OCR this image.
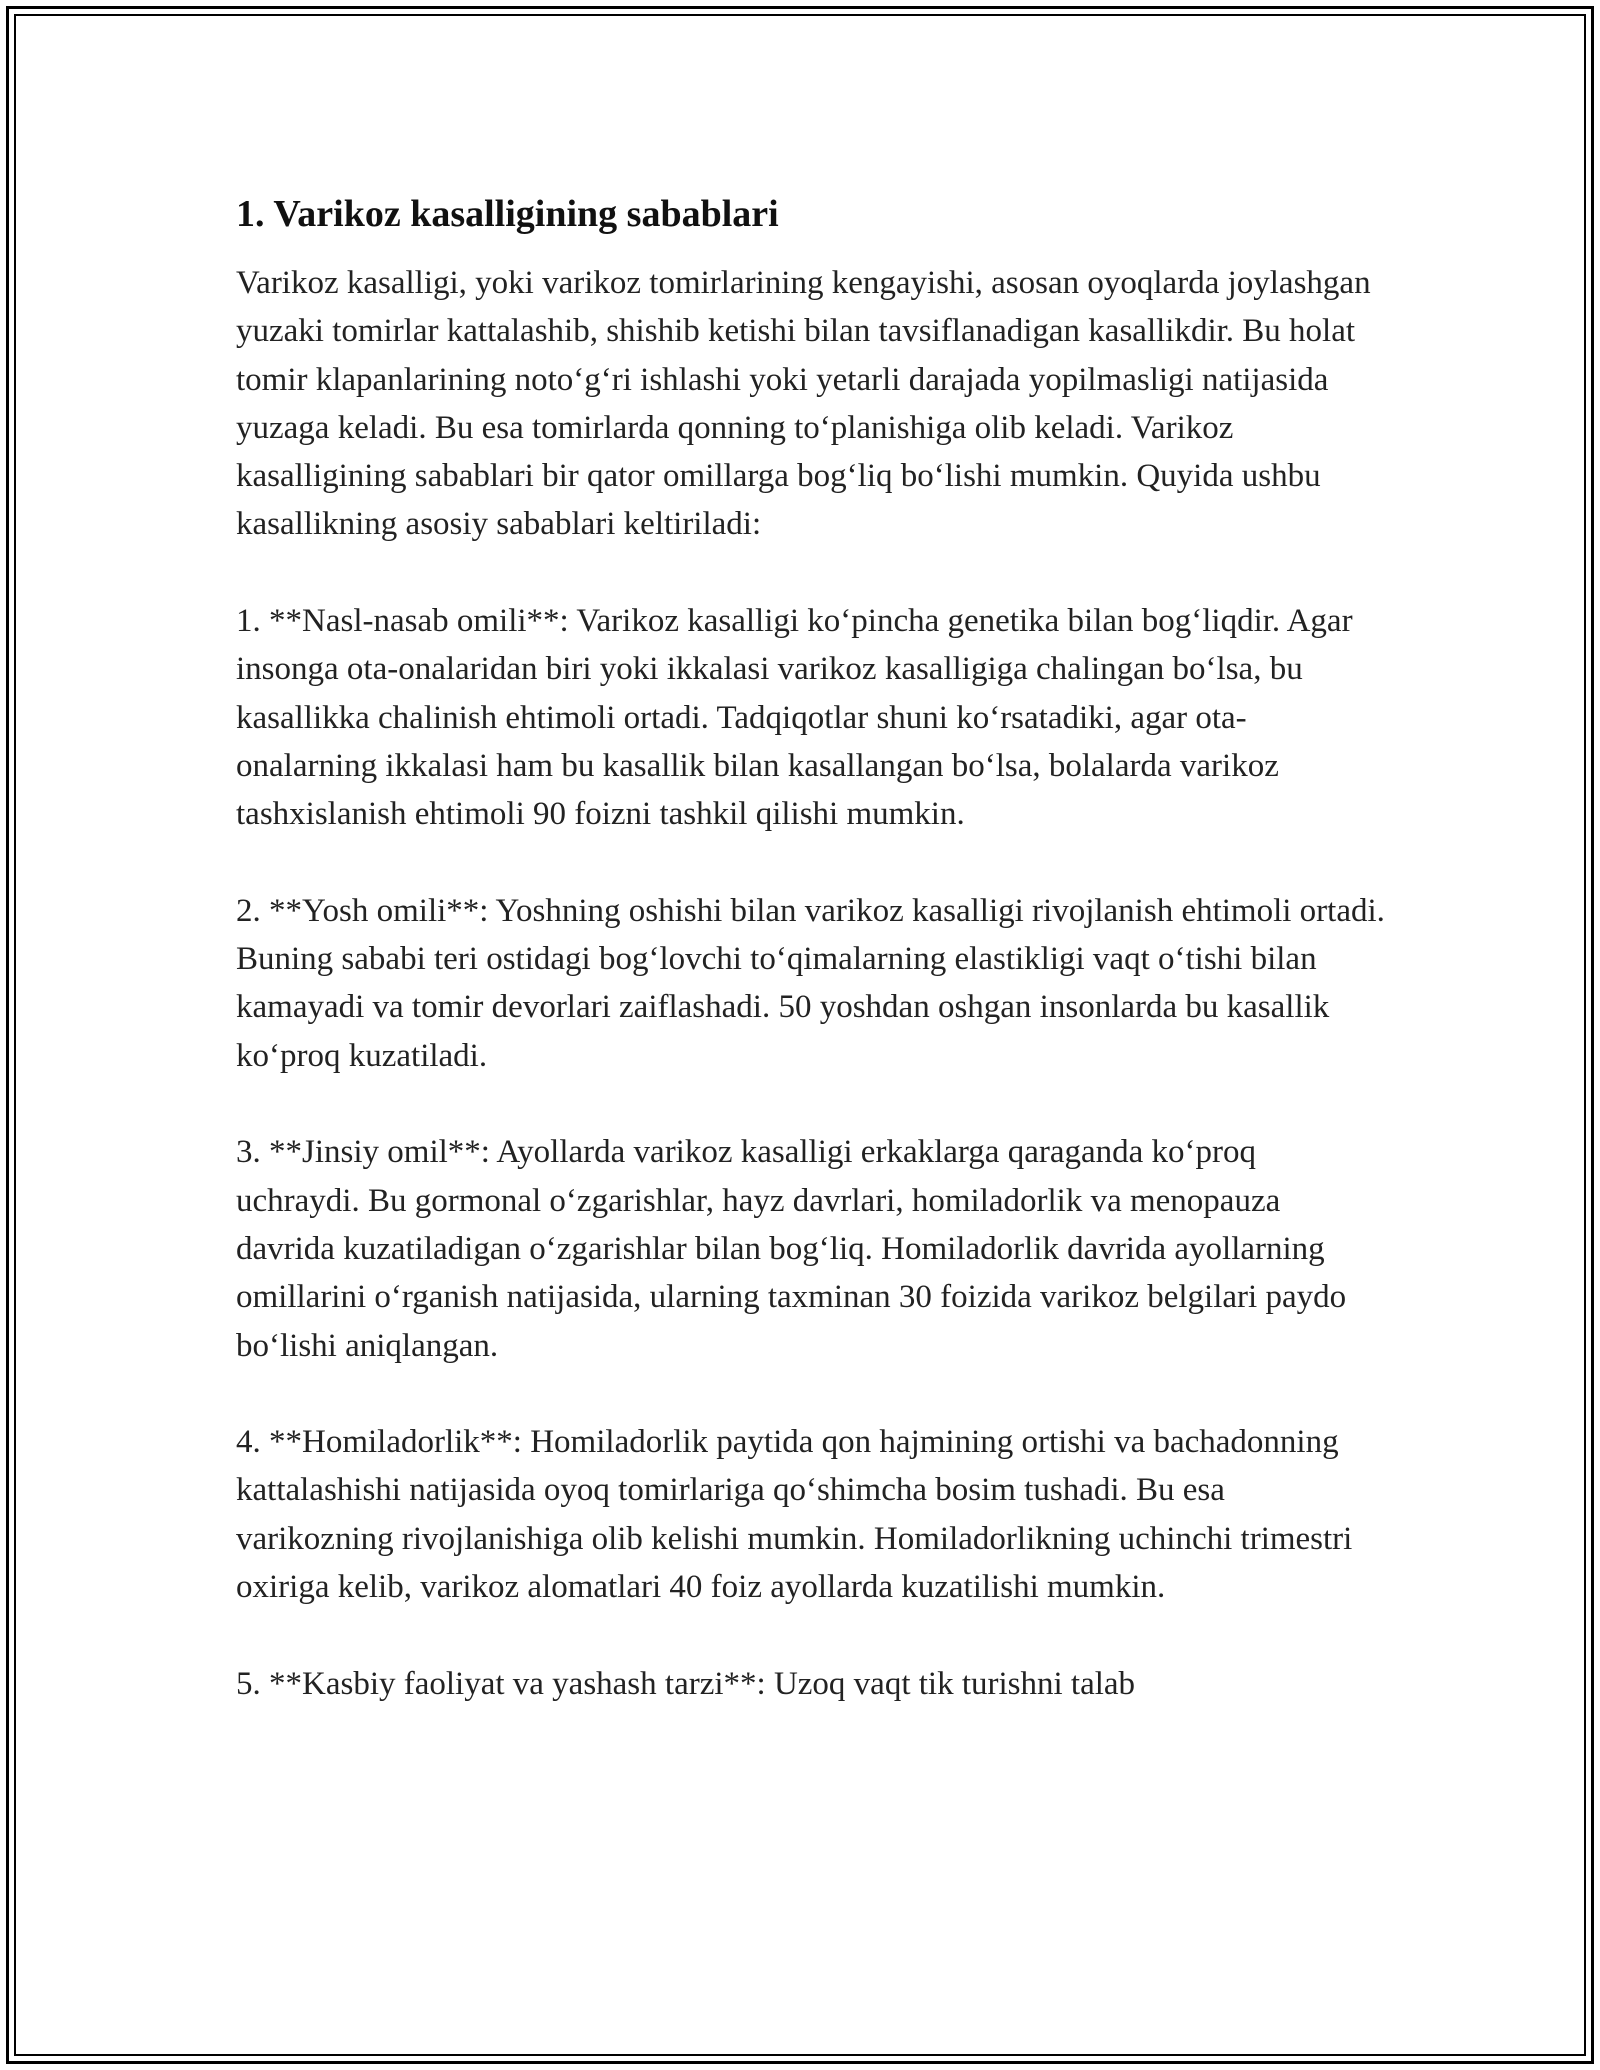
1. Varikoz kasalligining sabablari

Varikoz kasalligi, yoki varikoz tomirlarining kengayishi, asosan oyoqlarda joylashgan yuzaki tomirlar kattalashib, shishib ketishi bilan tavsiflanadigan kasallikdir. Bu holat tomir klapanlarining noto‘g‘ri ishlashi yoki yetarli darajada yopilmasligi natijasida yuzaga keladi. Bu esa tomirlarda qonning to‘planishiga olib keladi. Varikoz kasalligining sabablari bir qator omillarga bog‘liq bo‘lishi mumkin. Quyida ushbu kasallikning asosiy sabablari keltiriladi:

1. **Nasl-nasab omili**: Varikoz kasalligi ko‘pincha genetika bilan bog‘liqdir. Agar insonga ota-onalaridan biri yoki ikkalasi varikoz kasalligiga chalingan bo‘lsa, bu kasallikka chalinish ehtimoli ortadi. Tadqiqotlar shuni ko‘rsatadiki, agar ota-onalarning ikkalasi ham bu kasallik bilan kasallangan bo‘lsa, bolalarda varikoz tashxislanish ehtimoli 90 foizni tashkil qilishi mumkin.

2. **Yosh omili**: Yoshning oshishi bilan varikoz kasalligi rivojlanish ehtimoli ortadi. Buning sababi teri ostidagi bog‘lovchi to‘qimalarning elastikligi vaqt o‘tishi bilan kamayadi va tomir devorlari zaiflashadi. 50 yoshdan oshgan insonlarda bu kasallik ko‘proq kuzatiladi.

3. **Jinsiy omil**: Ayollarda varikoz kasalligi erkaklarga qaraganda ko‘proq uchraydi. Bu gormonal o‘zgarishlar, hayz davrlari, homiladorlik va menopauza davrida kuzatiladigan o‘zgarishlar bilan bog‘liq. Homiladorlik davrida ayollarning omillarini o‘rganish natijasida, ularning taxminan 30 foizida varikoz belgilari paydo bo‘lishi aniqlangan.

4. **Homiladorlik**: Homiladorlik paytida qon hajmining ortishi va bachadonning kattalashishi natijasida oyoq tomirlariga qo‘shimcha bosim tushadi. Bu esa varikozning rivojlanishiga olib kelishi mumkin. Homiladorlikning uchinchi trimestri oxiriga kelib, varikoz alomatlari 40 foiz ayollarda kuzatilishi mumkin.

5. **Kasbiy faoliyat va yashash tarzi**: Uzoq vaqt tik turishni talab
